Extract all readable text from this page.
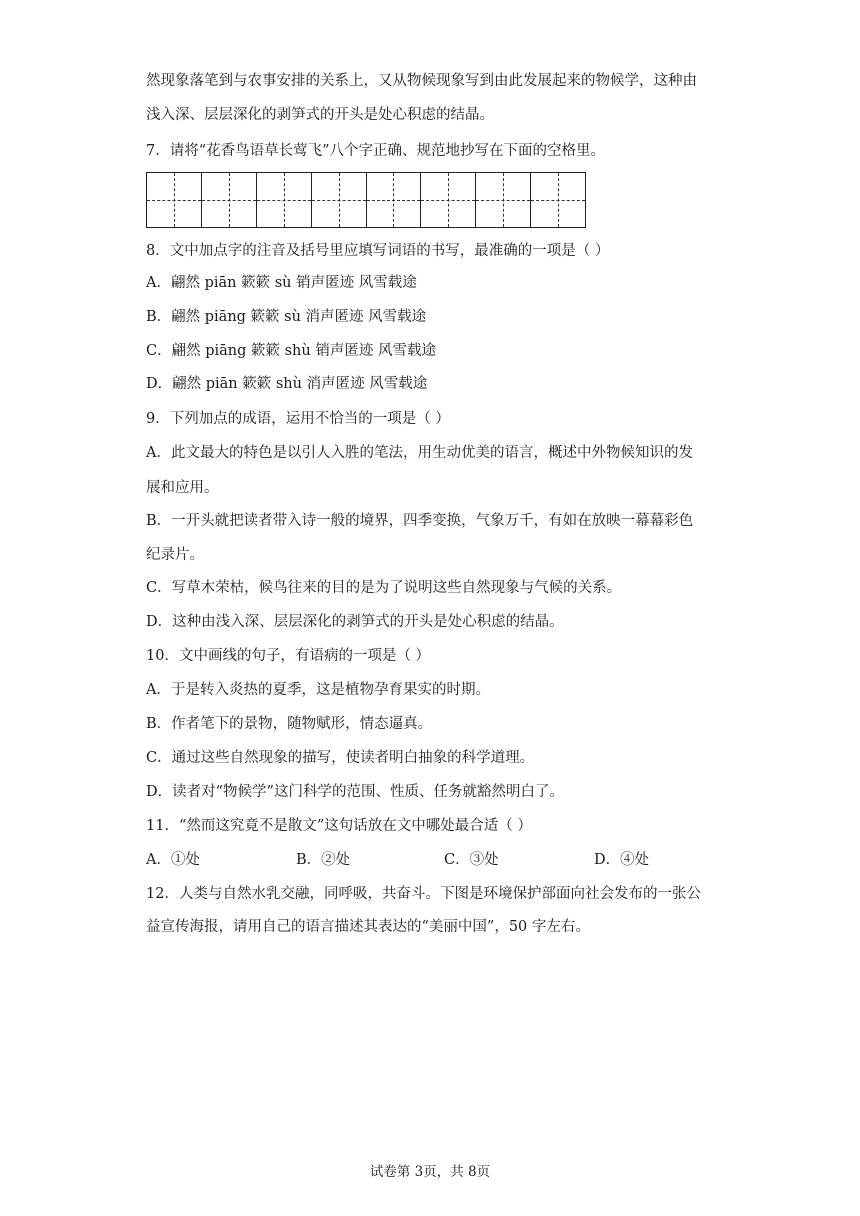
然现象落笔到与农事安排的关系上，又从物候现象写到由此发展起来的物候学，这种由
浅入深、层层深化的剥笋式的开头是处心积虑的结晶。
7．请将“花香鸟语草长莺飞”八个字正确、规范地抄写在下面的空格里。
8．文中加点字的注音及括号里应填写词语的书写，最准确的一项是（ ）
A．翩然 piān 簌簌 sù 销声匿迹 风雪载途
B．翩然 piāng 簌簌 sù 消声匿迹 风雪载途
C．翩然 piāng 簌簌 shù 销声匿迹 风雪载途
D．翩然 piān 簌簌 shù 消声匿迹 风雪载途
9．下列加点的成语，运用不恰当的一项是（ ）
A．此文最大的特色是以引人入胜的笔法，用生动优美的语言，概述中外物候知识的发
展和应用。
B．一开头就把读者带入诗一般的境界，四季变换，气象万千，有如在放映一幕幕彩色
纪录片。
C．写草木荣枯，候鸟往来的目的是为了说明这些自然现象与气候的关系。
D．这种由浅入深、层层深化的剥笋式的开头是处心积虑的结晶。
10．文中画线的句子，有语病的一项是（ ）
A．于是转入炎热的夏季，这是植物孕育果实的时期。
B．作者笔下的景物，随物赋形，情态逼真。
C．通过这些自然现象的描写，使读者明白抽象的科学道理。
D．读者对“物候学”这门科学的范围、性质、任务就豁然明白了。
11．“然而这究竟不是散文”这句话放在文中哪处最合适（ ）
A．①处	B．②处	C．③处	D．④处
12．人类与自然水乳交融，同呼吸，共奋斗。下图是环境保护部面向社会发布的一张公
益宣传海报，请用自己的语言描述其表达的“美丽中国”，50 字左右。
试卷第 3页，共 8页
